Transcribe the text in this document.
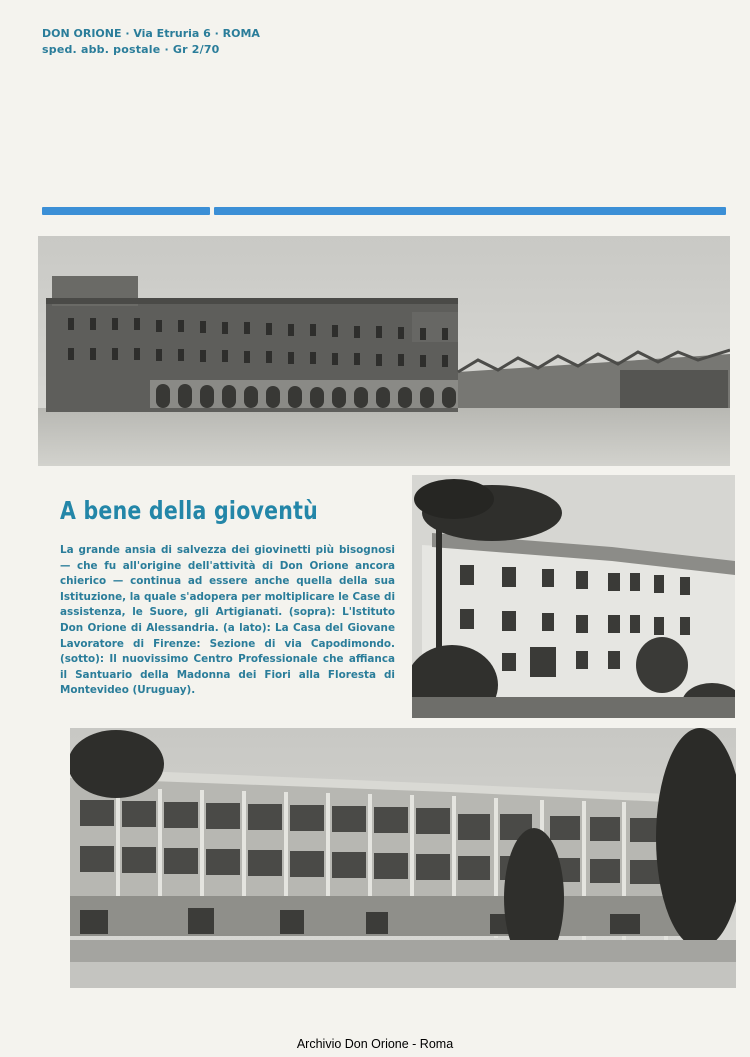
DON ORIONE · Via Etruria 6 · ROMA
sped. abb. postale · Gr 2/70
A bene della gioventù

La grande ansia di salvezza dei giovinetti più bisognosi — che fu all'origine dell'attività di Don Orione ancora chierico — continua ad essere anche quella della sua Istituzione, la quale s'adopera per moltiplicare le Case di assistenza, le Suore, gli Artigianati. (sopra): L'Istituto Don Orione di Alessandria. (a lato): La Casa del Giovane Lavoratore di Firenze: Sezione di via Capodimondo. (sotto): Il nuovissimo Centro Professionale che affianca il Santuario della Madonna dei Fiori alla Floresta di Montevideo (Uruguay).

Archivio Don Orione - Roma
